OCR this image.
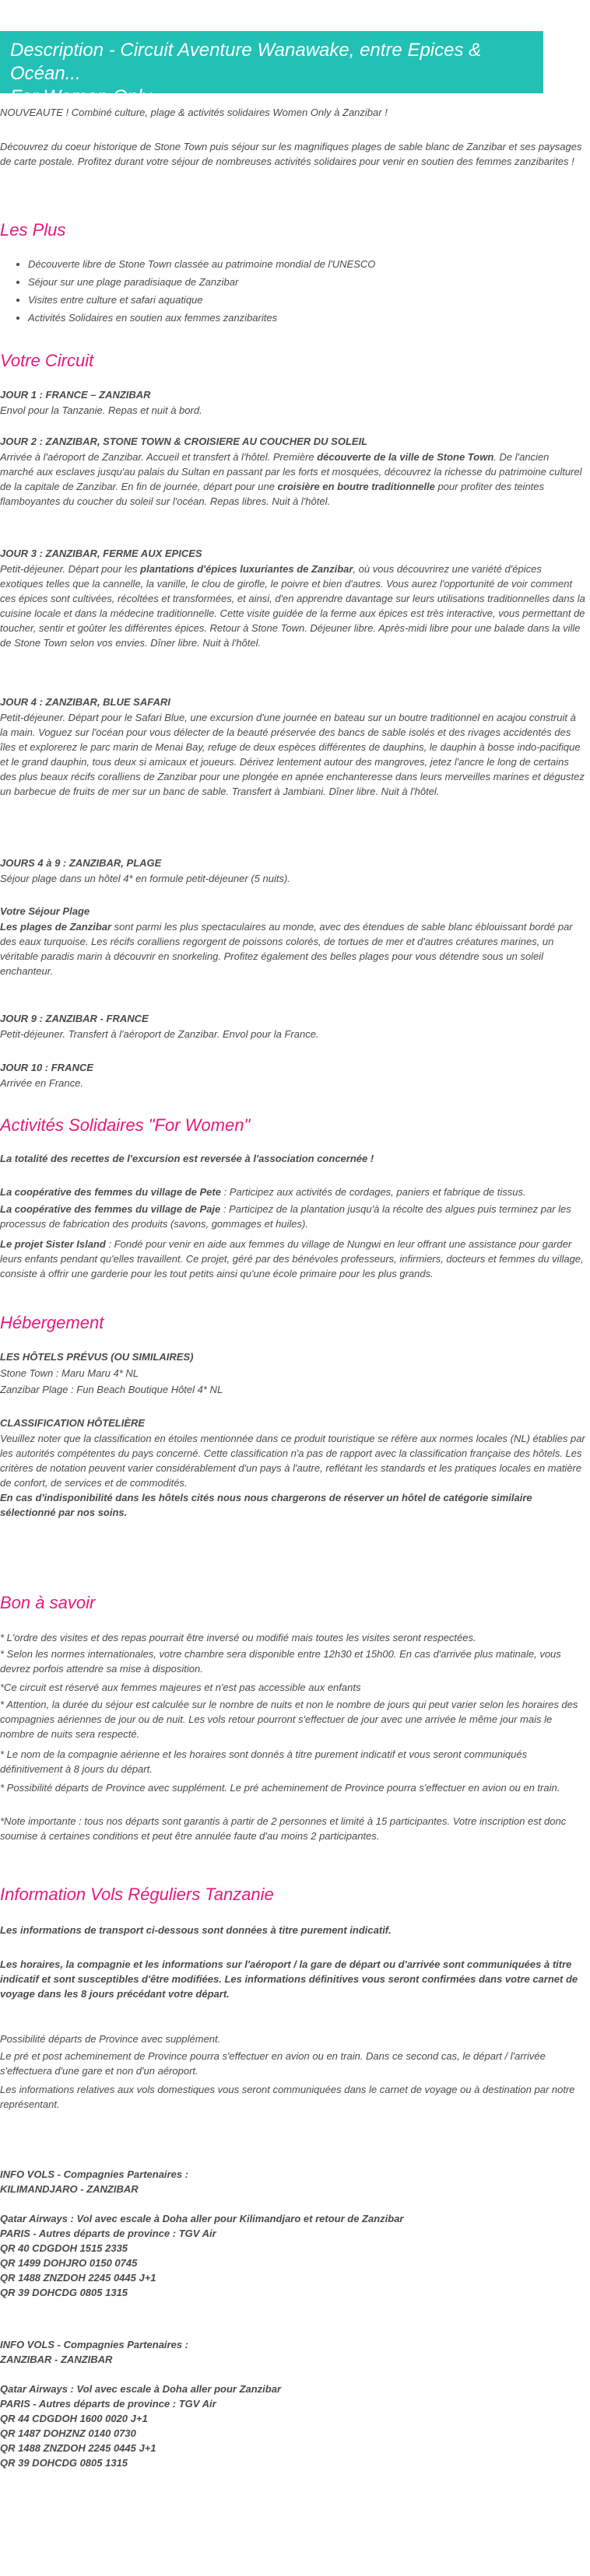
Description - Circuit Aventure Wanawake, entre Epices & Océan...
For Women Only
NOUVEAUTE ! Combiné culture, plage & activités solidaires Women Only à Zanzibar !
Découvrez du coeur historique de Stone Town puis séjour sur les magnifiques plages de sable blanc de Zanzibar et ses paysages de carte postale. Profitez durant votre séjour de nombreuses activités solidaires pour venir en soutien des femmes zanzibarites !
Les Plus
• Découverte libre de Stone Town classée au patrimoine mondial de l'UNESCO
• Séjour sur une plage paradisiaque de Zanzibar
• Visites entre culture et safari aquatique
• Activités Solidaires en soutien aux femmes zanzibarites
Votre Circuit
JOUR 1 : FRANCE – ZANZIBAR
Envol pour la Tanzanie. Repas et nuit à bord.
JOUR 2 : ZANZIBAR, STONE TOWN & CROISIERE AU COUCHER DU SOLEIL
Arrivée à l'aéroport de Zanzibar. Accueil et transfert à l'hôtel. Première découverte de la ville de Stone Town. De l'ancien marché aux esclaves jusqu'au palais du Sultan en passant par les forts et mosquées, découvrez la richesse du patrimoine culturel de la capitale de Zanzibar. En fin de journée, départ pour une croisière en boutre traditionnelle pour profiter des teintes flamboyantes du coucher du soleil sur l'océan. Repas libres. Nuit à l'hôtel.
JOUR 3 : ZANZIBAR, FERME AUX EPICES
Petit-déjeuner. Départ pour les plantations d'épices luxuriantes de Zanzibar, où vous découvrirez une variété d'épices exotiques telles que la cannelle, la vanille, le clou de girofle, le poivre et bien d'autres. Vous aurez l'opportunité de voir comment ces épices sont cultivées, récoltées et transformées, et ainsi, d'en apprendre davantage sur leurs utilisations traditionnelles dans la cuisine locale et dans la médecine traditionnelle. Cette visite guidée de la ferme aux épices est très interactive, vous permettant de toucher, sentir et goûter les différentes épices. Retour à Stone Town. Déjeuner libre. Après-midi libre pour une balade dans la ville de Stone Town selon vos envies. Dîner libre. Nuit à l'hôtel.
JOUR 4 : ZANZIBAR, BLUE SAFARI
Petit-déjeuner. Départ pour le Safari Blue, une excursion d'une journée en bateau sur un boutre traditionnel en acajou construit à la main. Voguez sur l'océan pour vous délecter de la beauté préservée des bancs de sable isolés et des rivages accidentés des îles et explorerez le parc marin de Menai Bay, refuge de deux espèces différentes de dauphins, le dauphin à bosse indo-pacifique et le grand dauphin, tous deux si amicaux et joueurs. Dérivez lentement autour des mangroves, jetez l'ancre le long de certains des plus beaux récifs coralliens de Zanzibar pour une plongée en apnée enchanteresse dans leurs merveilles marines et dégustez un barbecue de fruits de mer sur un banc de sable. Transfert à Jambiani. Dîner libre. Nuit à l'hôtel.
JOURS 4 à 9 : ZANZIBAR, PLAGE
Séjour plage dans un hôtel 4* en formule petit-déjeuner (5 nuits).
Votre Séjour Plage
Les plages de Zanzibar sont parmi les plus spectaculaires au monde, avec des étendues de sable blanc éblouissant bordé par des eaux turquoise. Les récifs coralliens regorgent de poissons colorés, de tortues de mer et d'autres créatures marines, un véritable paradis marin à découvrir en snorkeling. Profitez également des belles plages pour vous détendre sous un soleil enchanteur.
JOUR 9 : ZANZIBAR - FRANCE
Petit-déjeuner. Transfert à l'aéroport de Zanzibar. Envol pour la France.
JOUR 10 : FRANCE
Arrivée en France.
Activités Solidaires "For Women"
La totalité des recettes de l'excursion est reversée à l'association concernée !
La coopérative des femmes du village de Pete : Participez aux activités de cordages, paniers et fabrique de tissus.
La coopérative des femmes du village de Paje : Participez de la plantation jusqu'à la récolte des algues puis terminez par les processus de fabrication des produits (savons, gommages et huiles).
Le projet Sister Island : Fondé pour venir en aide aux femmes du village de Nungwi en leur offrant une assistance pour garder leurs enfants pendant qu'elles travaillent. Ce projet, géré par des bénévoles professeurs, infirmiers, docteurs et femmes du village, consiste à offrir une garderie pour les tout petits ainsi qu'une école primaire pour les plus grands.
Hébergement
LES HÔTELS PRÉVUS (OU SIMILAIRES)
Stone Town : Maru Maru 4* NL
Zanzibar Plage : Fun Beach Boutique Hôtel 4* NL
CLASSIFICATION HÔTELIÈRE
Veuillez noter que la classification en étoiles mentionnée dans ce produit touristique se réfère aux normes locales (NL) établies par les autorités compétentes du pays concerné. Cette classification n'a pas de rapport avec la classification française des hôtels. Les critères de notation peuvent varier considérablement d'un pays à l'autre, reflétant les standards et les pratiques locales en matière de confort, de services et de commodités.
En cas d'indisponibilité dans les hôtels cités nous nous chargerons de réserver un hôtel de catégorie similaire sélectionné par nos soins.
Bon à savoir
* L'ordre des visites et des repas pourrait être inversé ou modifié mais toutes les visites seront respectées.
* Selon les normes internationales, votre chambre sera disponible entre 12h30 et 15h00. En cas d'arrivée plus matinale, vous devrez porfois attendre sa mise à disposition.
*Ce circuit est réservé aux femmes majeures et n'est pas accessible aux enfants
* Attention, la durée du séjour est calculée sur le nombre de nuits et non le nombre de jours qui peut varier selon les horaires des compagnies aériennes de jour ou de nuit. Les vols retour pourront s'effectuer de jour avec une arrivée le même jour mais le nombre de nuits sera respecté.
* Le nom de la compagnie aérienne et les horaires sont donnés à titre purement indicatif et vous seront communiqués définitivement à 8 jours du départ.
* Possibilité départs de Province avec supplément. Le pré acheminement de Province pourra s'effectuer en avion ou en train.
*Note importante : tous nos départs sont garantis à partir de 2 personnes et limité à 15 participantes. Votre inscription est donc soumise à certaines conditions et peut être annulée faute d'au moins 2 participantes.
Information Vols Réguliers Tanzanie
Les informations de transport ci-dessous sont données à titre purement indicatif.
Les horaires, la compagnie et les informations sur l'aéroport / la gare de départ ou d'arrivée sont communiquées à titre indicatif et sont susceptibles d'être modifiées. Les informations définitives vous seront confirmées dans votre carnet de voyage dans les 8 jours précédant votre départ.
Possibilité départs de Province avec supplément.
Le pré et post acheminement de Province pourra s'effectuer en avion ou en train. Dans ce second cas, le départ / l'arrivée s'effectuera d'une gare et non d'un aéroport.
Les informations relatives aux vols domestiques vous seront communiquées dans le carnet de voyage ou à destination par notre représentant.
INFO VOLS - Compagnies Partenaires :
KILIMANDJARO - ZANZIBAR
Qatar Airways : Vol avec escale à Doha aller pour Kilimandjaro et retour de Zanzibar
PARIS - Autres départs de province : TGV Air
QR 40 CDGDOH 1515 2335
QR 1499 DOHJRO 0150 0745
QR 1488 ZNZDOH 2245 0445 J+1
QR 39 DOHCDG 0805 1315
INFO VOLS - Compagnies Partenaires :
ZANZIBAR - ZANZIBAR
Qatar Airways : Vol avec escale à Doha aller pour Zanzibar
PARIS - Autres départs de province : TGV Air
QR 44 CDGDOH 1600 0020 J+1
QR 1487 DOHZNZ 0140 0730
QR 1488 ZNZDOH 2245 0445 J+1
QR 39 DOHCDG 0805 1315
